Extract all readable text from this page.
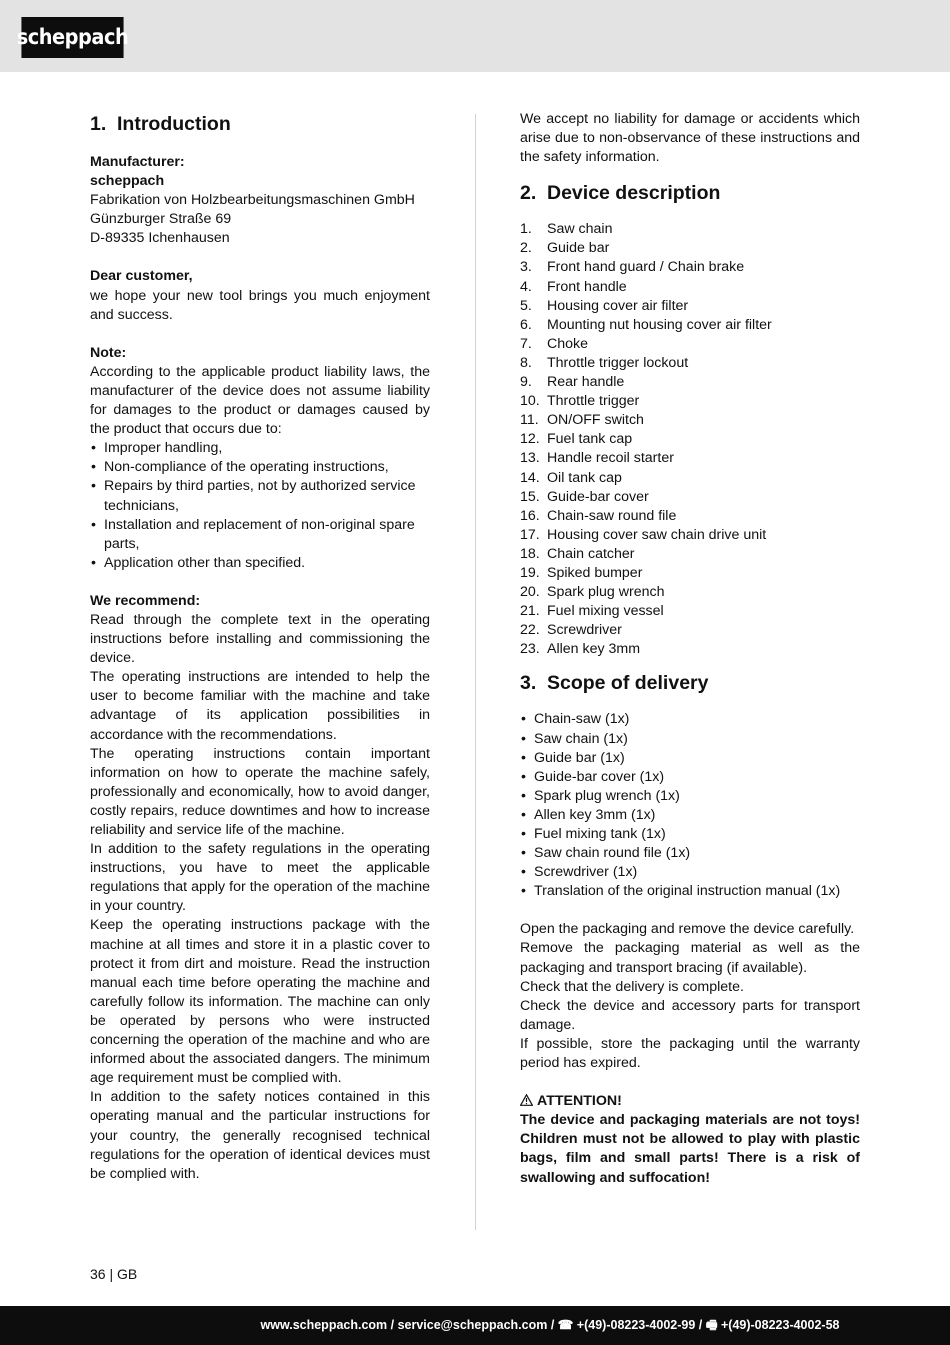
scheppach
1. Introduction
Manufacturer:
scheppach
Fabrikation von Holzbearbeitungsmaschinen GmbH
Günzburger Straße 69
D-89335 Ichenhausen
Dear customer,

we hope your new tool brings you much enjoyment and success.

Note:

According to the applicable product liability laws, the manufacturer of the device does not assume liability for damages to the product or damages caused by the product that occurs due to:

• Improper handling,
• Non-compliance of the operating instructions,
• Repairs by third parties, not by authorized service technicians,
• Installation and replacement of non-original spare parts,
• Application other than specified.
We recommend:

Read through the complete text in the operating instructions before installing and commissioning the device.

The operating instructions are intended to help the user to become familiar with the machine and take advantage of its application possibilities in accordance with the recommendations.

The operating instructions contain important information on how to operate the machine safely, professionally and economically, how to avoid danger, costly repairs, reduce downtimes and how to increase reliability and service life of the machine.

In addition to the safety regulations in the operating instructions, you have to meet the applicable regulations that apply for the operation of the machine in your country.

Keep the operating instructions package with the machine at all times and store it in a plastic cover to protect it from dirt and moisture. Read the instruction manual each time before operating the machine and carefully follow its information. The machine can only be operated by persons who were instructed concerning the operation of the machine and who are informed about the associated dangers. The minimum age requirement must be complied with.

In addition to the safety notices contained in this operating manual and the particular instructions for your country, the generally recognised technical regulations for the operation of identical devices must be complied with.

We accept no liability for damage or accidents which arise due to non-observance of these instructions and the safety information.

2. Device description
1.	Saw chain
2.	Guide bar
3.	Front hand guard / Chain brake
4.	Front handle
5.	Housing cover air filter
6.	Mounting nut housing cover air filter
7.	Choke
8.	Throttle trigger lockout
9.	Rear handle
10. Throttle trigger
11. ON/OFF switch
12. Fuel tank cap
13. Handle recoil starter
14. Oil tank cap
15. Guide-bar cover
16. Chain-saw round file
17. Housing cover saw chain drive unit
18. Chain catcher
19. Spiked bumper
20. Spark plug wrench
21. Fuel mixing vessel
22. Screwdriver
23. Allen key 3mm
3. Scope of delivery
• Chain-saw (1x)
• Saw chain (1x)
• Guide bar (1x)
• Guide-bar cover (1x)
• Spark plug wrench (1x)
• Allen key 3mm (1x)
• Fuel mixing tank (1x)
• Saw chain round file (1x)
• Screwdriver (1x)
• Translation of the original instruction manual (1x)

Open the packaging and remove the device carefully.

Remove the packaging material as well as the packaging and transport bracing (if available).

Check that the delivery is complete.

Check the device and accessory parts for transport damage.

If possible, store the packaging until the warranty period has expired.

ATTENTION!

The device and packaging materials are not toys! Children must not be allowed to play with plastic bags, film and small parts! There is a risk of swallowing and suffocation!

36 | GB
www.scheppach.com / service@scheppach.com / ☎ +(49)-08223-4002-99 / 🖷 +(49)-08223-4002-58
